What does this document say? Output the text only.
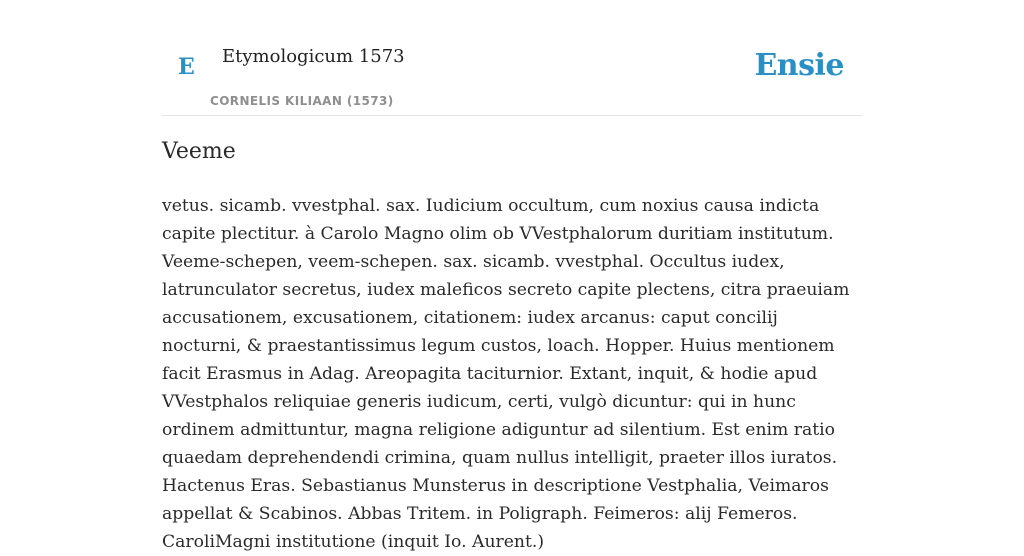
E Etymologicum 1573
CORNELIS KILIAAN (1573)
Ensie
Veeme

vetus. sicamb. vvestphal. sax. Iudicium occultum, cum noxius causa indicta capite plectitur. à Carolo Magno olim ob VVestphalorum duritiam institutum. Veeme-schepen, veem-schepen. sax. sicamb. vvestphal. Occultus iudex, latrunculator secretus, iudex maleficos secreto capite plectens, citra praeuiam accusationem, excusationem, citationem: iudex arcanus: caput concilij nocturni, & praestantissimus legum custos, loach. Hopper. Huius mentionem facit Erasmus in Adag. Areopagita taciturnior. Extant, inquit, & hodie apud VVestphalos reliquiae generis iudicum, certi, vulgò dicuntur: qui in hunc ordinem admittuntur, magna religione adiguntur ad silentium. Est enim ratio quaedam deprehendendi crimina, quam nullus intelligit, praeter illos iuratos. Hactenus Eras. Sebastianus Munsterus in descriptione Vestphalia, Veimaros appellat & Scabinos. Abbas Tritem. in Poligraph. Feimeros: alij Femeros. CaroliMagni institutione (inquit Io. Aurent.)
